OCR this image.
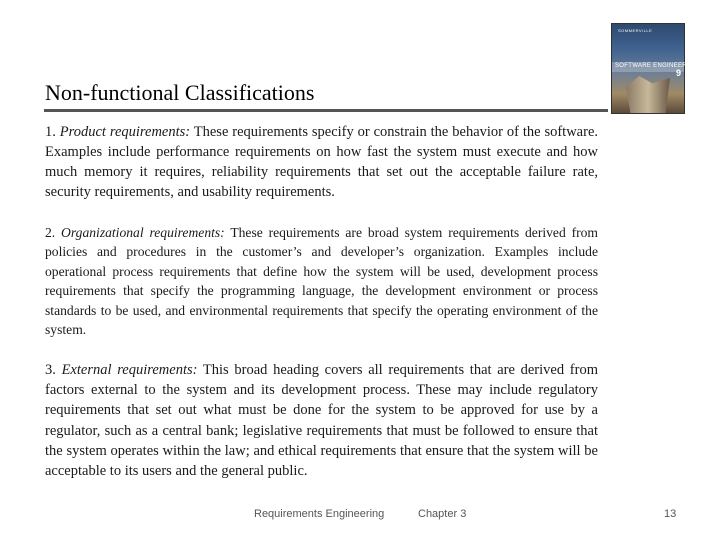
Non-functional Classifications
SOMMERVILLE
SOFTWARE ENGINEERING
9

1. Product requirements: These requirements specify or constrain the behavior of the software. Examples include performance requirements on how fast the system must execute and how much memory it requires, reliability requirements that set out the acceptable failure rate, security requirements, and usability requirements.

2. Organizational requirements: These requirements are broad system requirements derived from policies and procedures in the customer’s and developer’s organization. Examples include operational process requirements that define how the system will be used, development process requirements that specify the programming language, the development environment or process standards to be used, and environmental requirements that specify the operating environment of the system.

3. External requirements: This broad heading covers all requirements that are derived from factors external to the system and its development process. These may include regulatory requirements that set out what must be done for the system to be approved for use by a regulator, such as a central bank; legislative requirements that must be followed to ensure that the system operates within the law; and ethical requirements that ensure that the system will be acceptable to its users and the general public.

Requirements Engineering	Chapter 3	13
